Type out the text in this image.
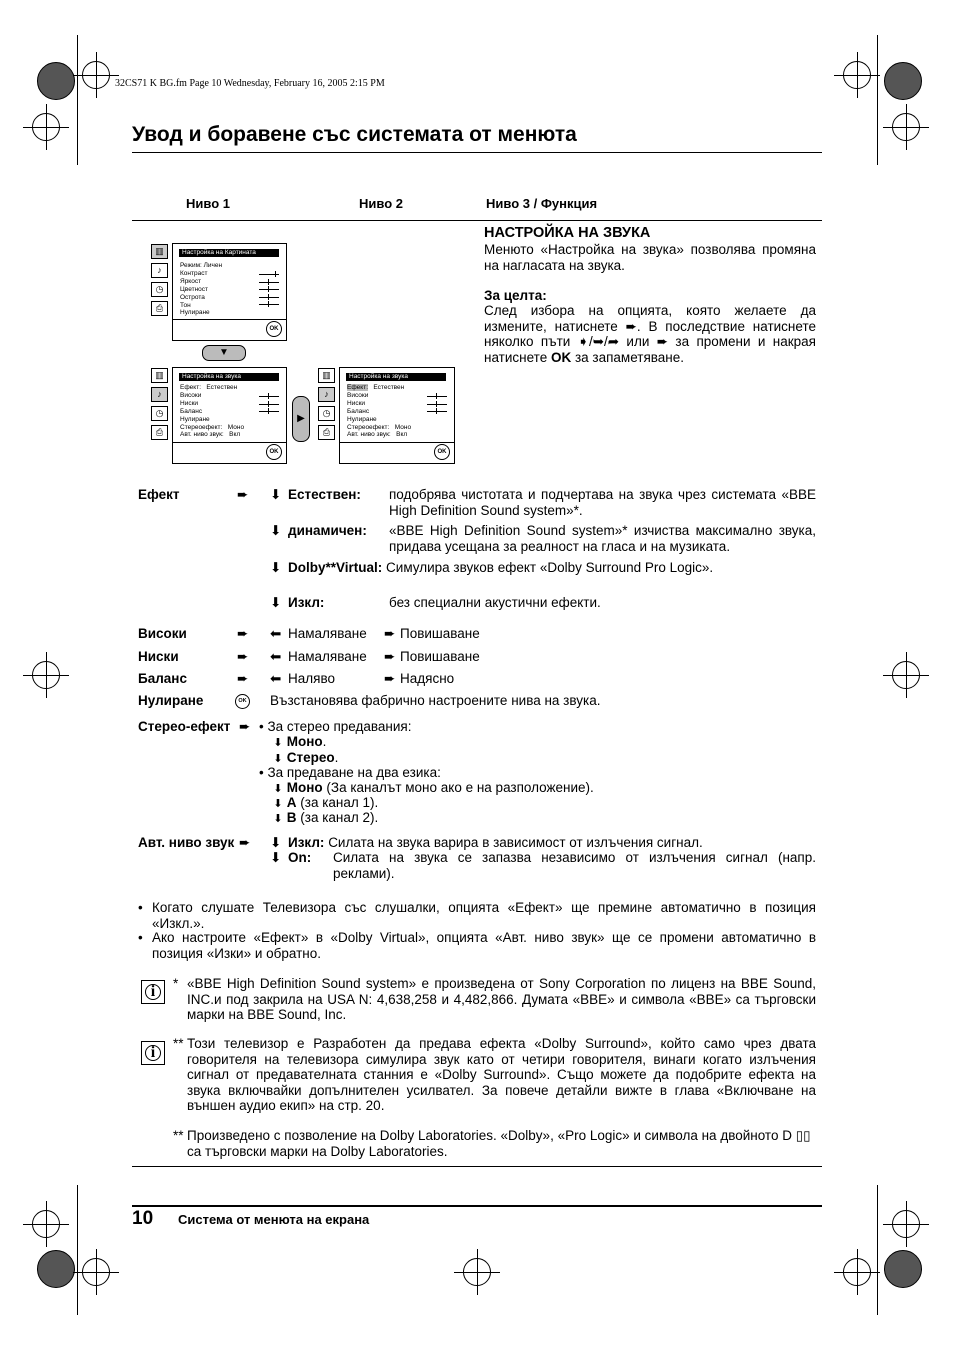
32CS71 K BG.fm Page 10 Wednesday, February 16, 2005 2:15 PM
Увод и боравене със системата от менюта
Ниво 1	Ниво 2	Ниво 3 / Функция
▥
♪
◷
⎙
Настройка на Картината
Режим: Личен
Контраст
Яркост
Цветност
Острота
Тон
Нулиране
OK
▼
▥
♪
◷
⎙
Настройка на звука
Ефект: Естествен
Високи
Ниски
Баланс
Нулиране
Стереоефект: Моно
Авт. ниво звук: Вкл
OK
▶
▥
♪
◷
⎙
Настройка на звука
Ефект: Естествен
Високи
Ниски
Баланс
Нулиране
Стереоефект: Моно
Авт. ниво звук: Вкл
OK
НАСТРОЙКА НА ЗВУКА
Менюто «Настройка на звука» позволява промяна на нагласата на звука.
За целта:
След избора на опцията, която желаете да измените, натиснете ➨. В последствие натиснете няколко пъти ➧/➥/➦ или ➨ за промени и накрая натиснете OK за запаметяване.
Ефект	➨ ⬇ Естествен: подобрява чистотата и подчертава на звука чрез системата «BBE High Definition Sound system»*.
⬇ динамичен: «BBE High Definition Sound system»* изчиства максимално звука, придава усещана за реалност на гласа и на музиката.
⬇ Dolby**Virtual: Симулира звуков ефект «Dolby Surround Pro Logic».
⬇ Изкл:	без специални акустични ефекти.
Високи	➨ ⬅ Намаляване ➨ Повишаване
Ниски	➨ ⬅ Намаляване ➨ Повишаване
Баланс	➨ ⬅ Наляво	➨ Надясно
Нулиране	OK Възстановява фабрично настроените нива на звука.
Стерео-ефект ➨ • За стерео предавания:
⬇ Моно.
⬇ Стерео.
• За предаване на два езика:
⬇ Моно (За каналът моно ако е на разположение).
⬇ A (за канал 1).
⬇ B (за канал 2).
Авт. ниво звук ➨ ⬇ Изкл: Силата на звука варира в зависимост от излъчения сигнал.
⬇ On: Силата на звука се запазва независимо от излъчения сигнал (напр. реклами).
• Когато слушате Телевизора със слушалки, опцията «Ефект» ще премине автоматично в позиция «Изкл.».
• Ако настроите «Ефект» в «Dolby Virtual», опцията «Авт. ниво звук» ще се промени автоматично в позиция «Изки» и обратно.
i	* «BBE High Definition Sound system» е произведена от Sony Corporation по лиценз на BBE Sound, INC.и под закрила на USA N: 4,638,258 и 4,482,866. Думата «BBE» и символа «BBE» са търговски марки на BBE Sound, Inc.
i
** Този телевизор е Разработен да предава ефекта «Dolby Surround», който само чрез двата говорителя на телевизора симулира звук като от четири говорителя, винаги когато излъчения сигнал от предавателната станния е «Dolby Surround». Също можете да подобрите ефекта на звука включвайки допълнителен усилвател. За повече детайли вижте в глава «Включване на външен аудио екип» на стр. 20.
** Произведено с позволение на Dolby Laboratories. «Dolby», «Pro Logic» и символа на двойното D ▯▯ са търговски марки на Dolby Laboratories.
10 Система от менюта на екрана
